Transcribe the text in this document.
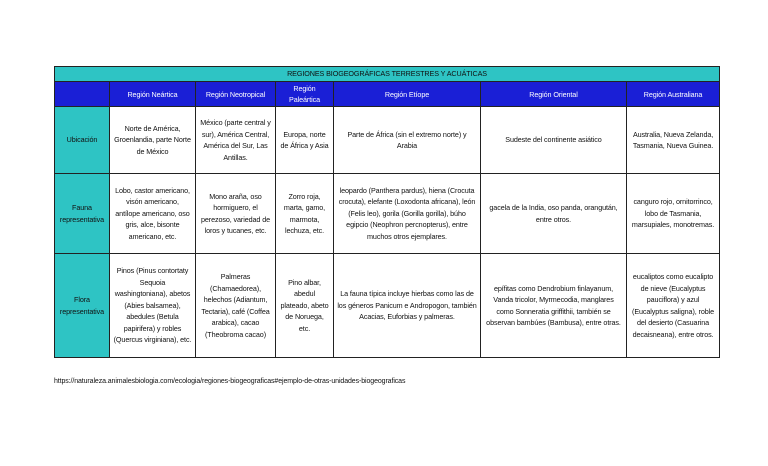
REGIONES BIOGEOGRÁFICAS TERRESTRES Y ACUÁTICAS						
	Región Neártica	Región Neotropical	Región Paleártica	Región Etíope	Región Oriental	Región Australiana
Ubicación	Norte de América, Groenlandia, parte Norte de México	México (parte central y sur), América Central, América del Sur, Las Antillas.	Europa, norte de África y Asia	Parte de África (sin el extremo norte) y Arabia	Sudeste del continente asiático	Australia, Nueva Zelanda, Tasmania, Nueva Guinea.
Fauna representativa	Lobo, castor americano, visón americano, antílope americano, oso gris, alce, bisonte americano, etc.	Mono araña, oso hormiguero, el perezoso, variedad de loros y tucanes, etc.	Zorro roja, marta, gamo, marmota, lechuza, etc.	leopardo (Panthera pardus), hiena (Crocuta crocuta), elefante (Loxodonta africana), león (Felis leo), gorila (Gorilla gorilla), búho egipcio (Neophron percnopterus), entre muchos otros ejemplares.	gacela de la India, oso panda, orangután, entre otros.	canguro rojo, ornitorrinco, lobo de Tasmania, marsupiales, monotremas.
Flora representativa	Pinos (Pinus contortaty Sequoia washingtoniana), abetos (Abies balsamea), abedules (Betula papirifera) y robles (Quercus virginiana), etc.	Palmeras (Chamaedorea), helechos (Adiantum, Tectaria), café (Coffea arabica), cacao (Theobroma cacao)	Pino albar, abedul plateado, abeto de Noruega, etc.	La fauna típica incluye hierbas como las de los géneros Panicum e Andropogon, también Acacias, Euforbias y palmeras.	epífitas como Dendrobium finlayanum, Vanda tricolor, Myrmecodia, manglares como Sonneratia griffithii, también se observan bambúes (Bambusa), entre otras.	eucaliptos como eucalipto de nieve (Eucalyptus pauciflora) y azul (Eucalyptus saligna), roble del desierto (Casuarina decaisneana), entre otros.
https://naturaleza.animalesbiologia.com/ecologia/regiones-biogeograficas#ejemplo-de-otras-unidades-biogeograficas
